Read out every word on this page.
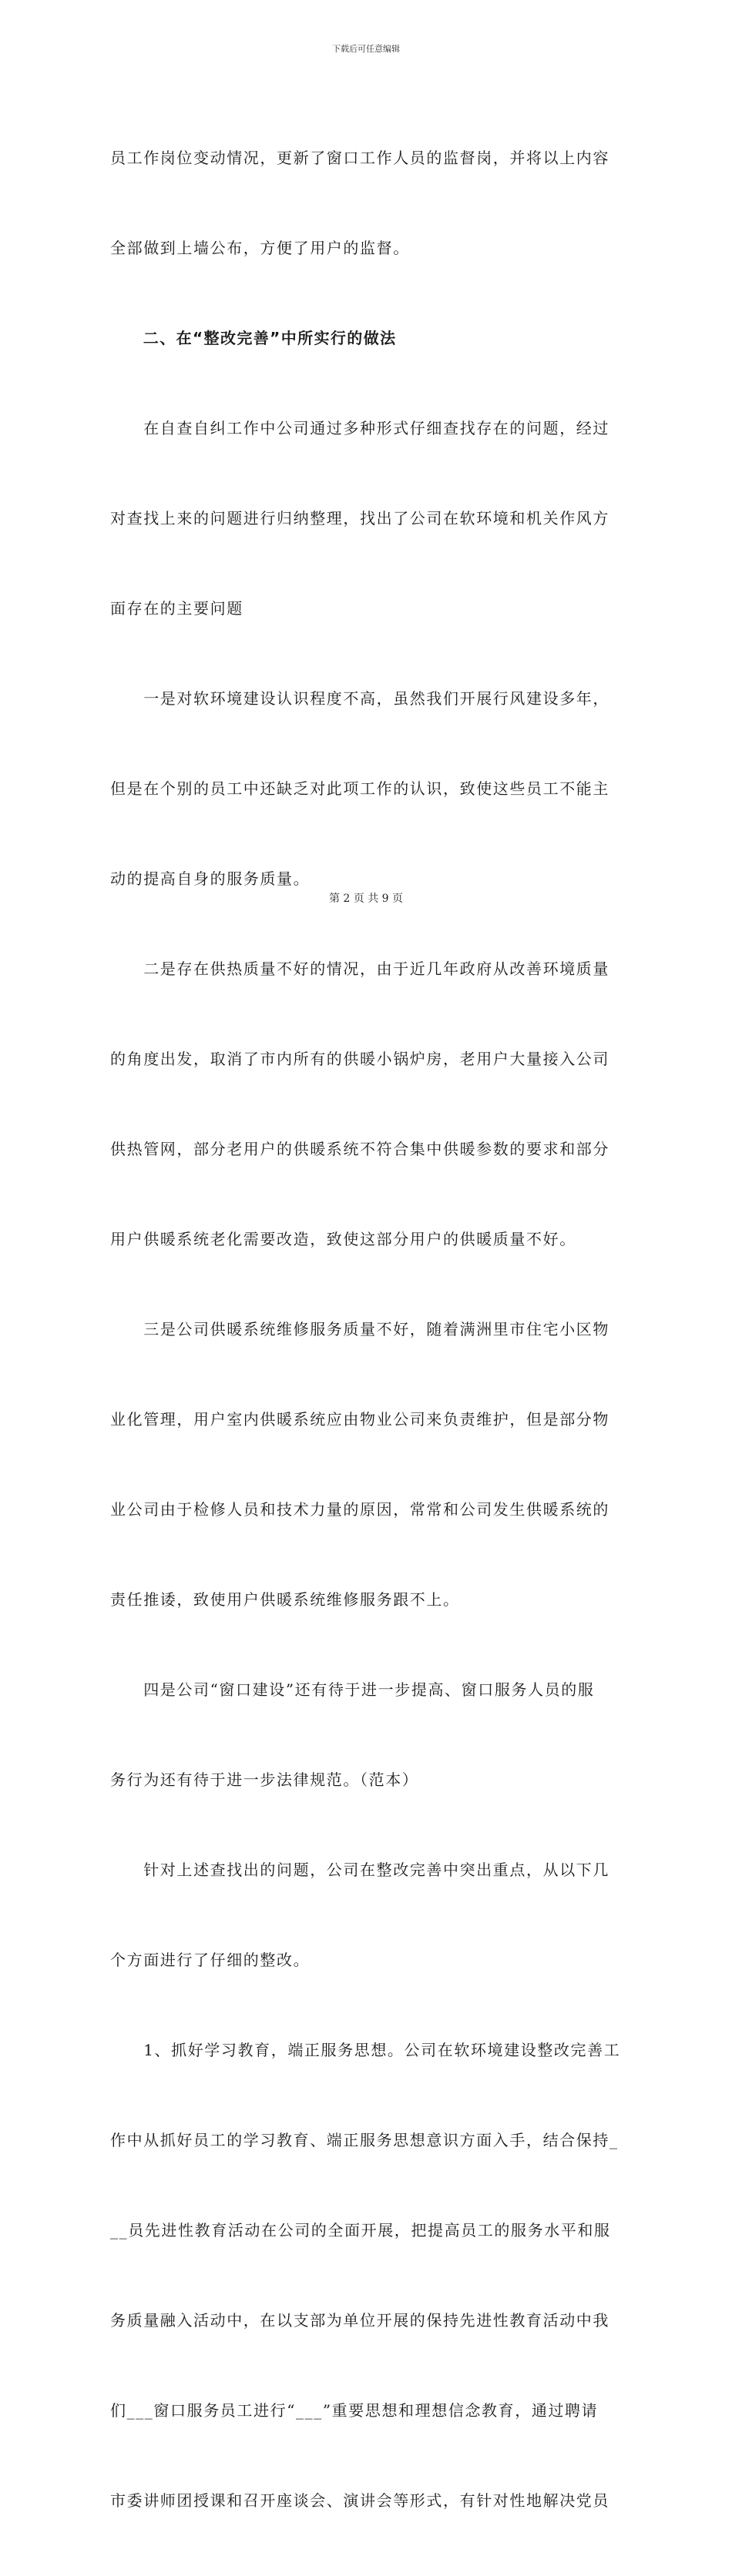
下载后可任意编辑

员工作岗位变动情况，更新了窗口工作人员的监督岗，并将以上内容

全部做到上墙公布，方便了用户的监督。

　　二、在“整改完善”中所实行的做法

　　在自查自纠工作中公司通过多种形式仔细查找存在的问题，经过

对查找上来的问题进行归纳整理，找出了公司在软环境和机关作风方

面存在的主要问题

　　一是对软环境建设认识程度不高，虽然我们开展行风建设多年，

但是在个别的员工中还缺乏对此项工作的认识，致使这些员工不能主

动的提高自身的服务质量。

　　二是存在供热质量不好的情况，由于近几年政府从改善环境质量

的角度出发，取消了市内所有的供暖小锅炉房，老用户大量接入公司

供热管网，部分老用户的供暖系统不符合集中供暖参数的要求和部分

用户供暖系统老化需要改造，致使这部分用户的供暖质量不好。

　　三是公司供暖系统维修服务质量不好，随着满洲里市住宅小区物

业化管理，用户室内供暖系统应由物业公司来负责维护，但是部分物

业公司由于检修人员和技术力量的原因，常常和公司发生供暖系统的

责任推诿，致使用户供暖系统维修服务跟不上。

　　四是公司“窗口建设”还有待于进一步提高、窗口服务人员的服

务行为还有待于进一步法律规范。（范本）

　　针对上述查找出的问题，公司在整改完善中突出重点，从以下几

个方面进行了仔细的整改。

　　1、抓好学习教育，端正服务思想。公司在软环境建设整改完善工

作中从抓好员工的学习教育、端正服务思想意识方面入手，结合保持_

__员先进性教育活动在公司的全面开展，把提高员工的服务水平和服

务质量融入活动中，在以支部为单位开展的保持先进性教育活动中我

们___窗口服务员工进行“___”重要思想和理想信念教育，通过聘请

市委讲师团授课和召开座谈会、演讲会等形式，有针对性地解决党员

第 2 页 共 9 页
